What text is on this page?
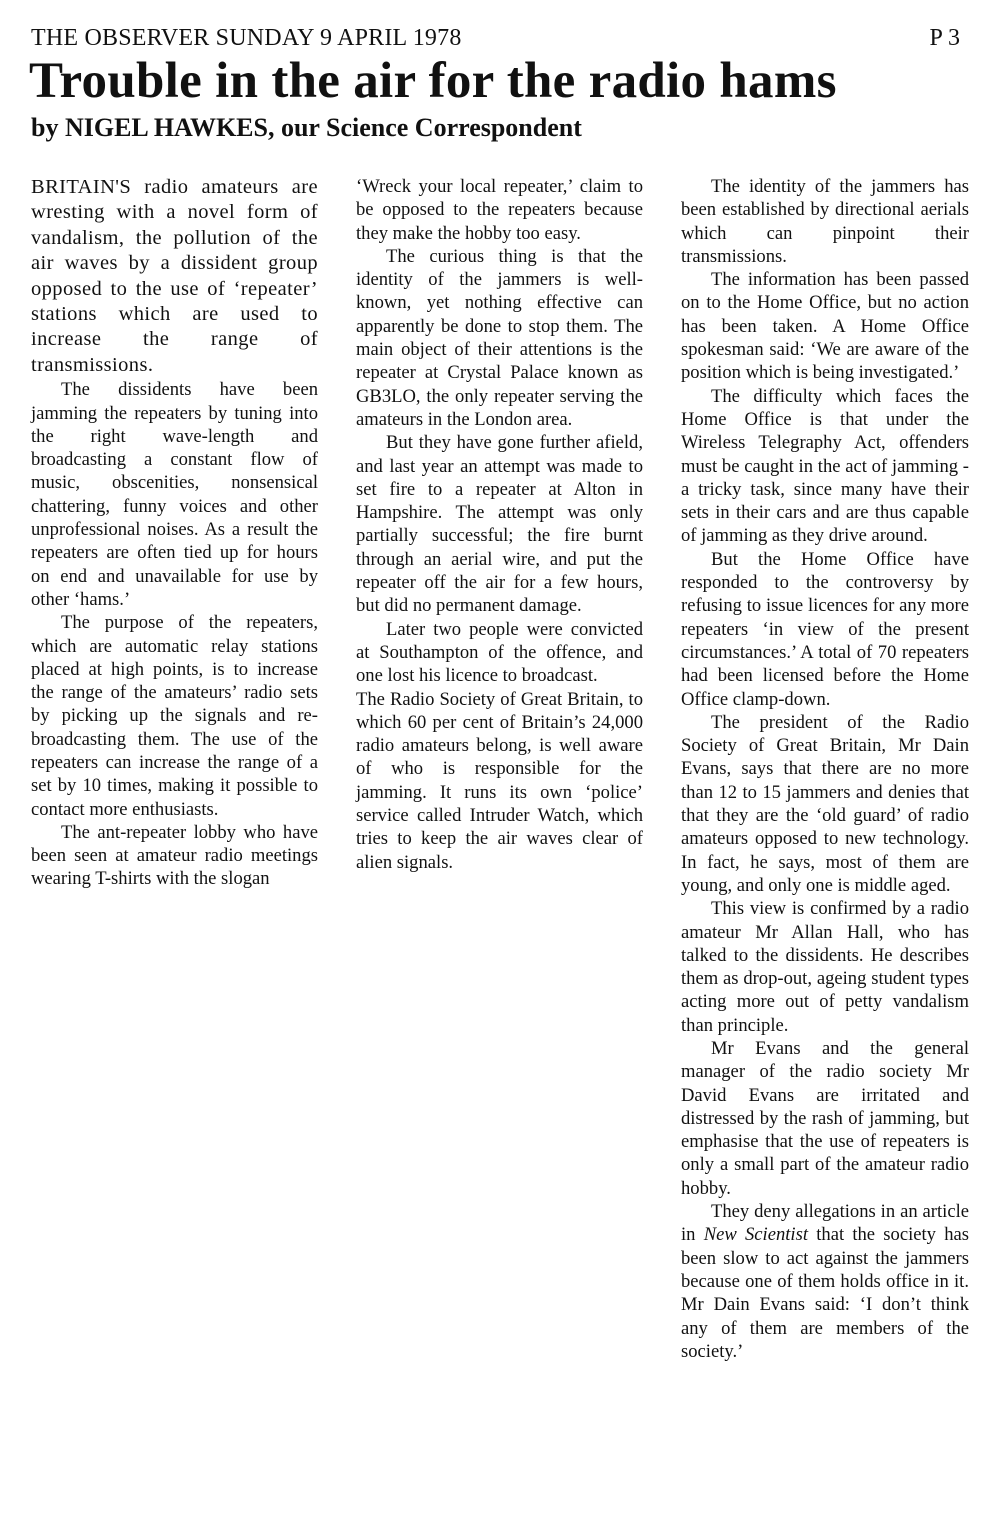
THE OBSERVER SUNDAY 9 APRIL 1978	P 3
Trouble in the air for the radio hams
by NIGEL HAWKES, our Science Correspondent

BRITAIN'S radio amateurs are wresting with a novel form of vandalism, the pollution of the air waves by a dissident group opposed to the use of ‘repeater’ stations which are used to increase the range of transmissions.

The dissidents have been jamming the repeaters by tuning into the right wave-length and broadcasting a constant flow of music, obscenities, nonsensical chattering, funny voices and other unprofessional noises. As a result the repeaters are often tied up for hours on end and unavailable for use by other ‘hams.’

The purpose of the repeaters, which are automatic relay stations placed at high points, is to increase the range of the amateurs’ radio sets by picking up the signals and re-broadcasting them. The use of the repeaters can increase the range of a set by 10 times, making it possible to contact more enthusiasts.

The ant-repeater lobby who have been seen at amateur radio meetings wearing T-shirts with the slogan

‘Wreck your local repeater,’ claim to be opposed to the repeaters because they make the hobby too easy.

The curious thing is that the identity of the jammers is well-known, yet nothing effective can apparently be done to stop them. The main object of their attentions is the repeater at Crystal Palace known as GB3LO, the only repeater serving the amateurs in the London area.

But they have gone further afield, and last year an attempt was made to set fire to a repeater at Alton in Hampshire. The attempt was only partially successful; the fire burnt through an aerial wire, and put the repeater off the air for a few hours, but did no permanent damage.

Later two people were convicted at Southampton of the offence, and one lost his licence to broadcast.

The Radio Society of Great Britain, to which 60 per cent of Britain’s 24,000 radio amateurs belong, is well aware of who is responsible for the jamming. It runs its own ‘police’ service called Intruder Watch, which tries to keep the air waves clear of alien signals.

The identity of the jammers has been established by directional aerials which can pinpoint their transmissions.

The information has been passed on to the Home Office, but no action has been taken. A Home Office spokesman said: ‘We are aware of the position which is being investigated.’

The difficulty which faces the Home Office is that under the Wireless Telegraphy Act, offenders must be caught in the act of jamming - a tricky task, since many have their sets in their cars and are thus capable of jamming as they drive around.

But the Home Office have responded to the controversy by refusing to issue licences for any more repeaters ‘in view of the present circumstances.’ A total of 70 repeaters had been licensed before the Home Office clamp-down.

The president of the Radio Society of Great Britain, Mr Dain Evans, says that there are no more than 12 to 15 jammers and denies that that they are the ‘old guard’ of radio amateurs opposed to new technology. In fact, he says, most of them are young, and only one is middle aged.

This view is confirmed by a radio amateur Mr Allan Hall, who has talked to the dissidents. He describes them as drop-out, ageing student types acting more out of petty vandalism than principle.

Mr Evans and the general manager of the radio society Mr David Evans are irritated and distressed by the rash of jamming, but emphasise that the use of repeaters is only a small part of the amateur radio hobby.

They deny allegations in an article in New Scientist that the society has been slow to act against the jammers because one of them holds office in it. Mr Dain Evans said: ‘I don’t think any of them are members of the society.’
